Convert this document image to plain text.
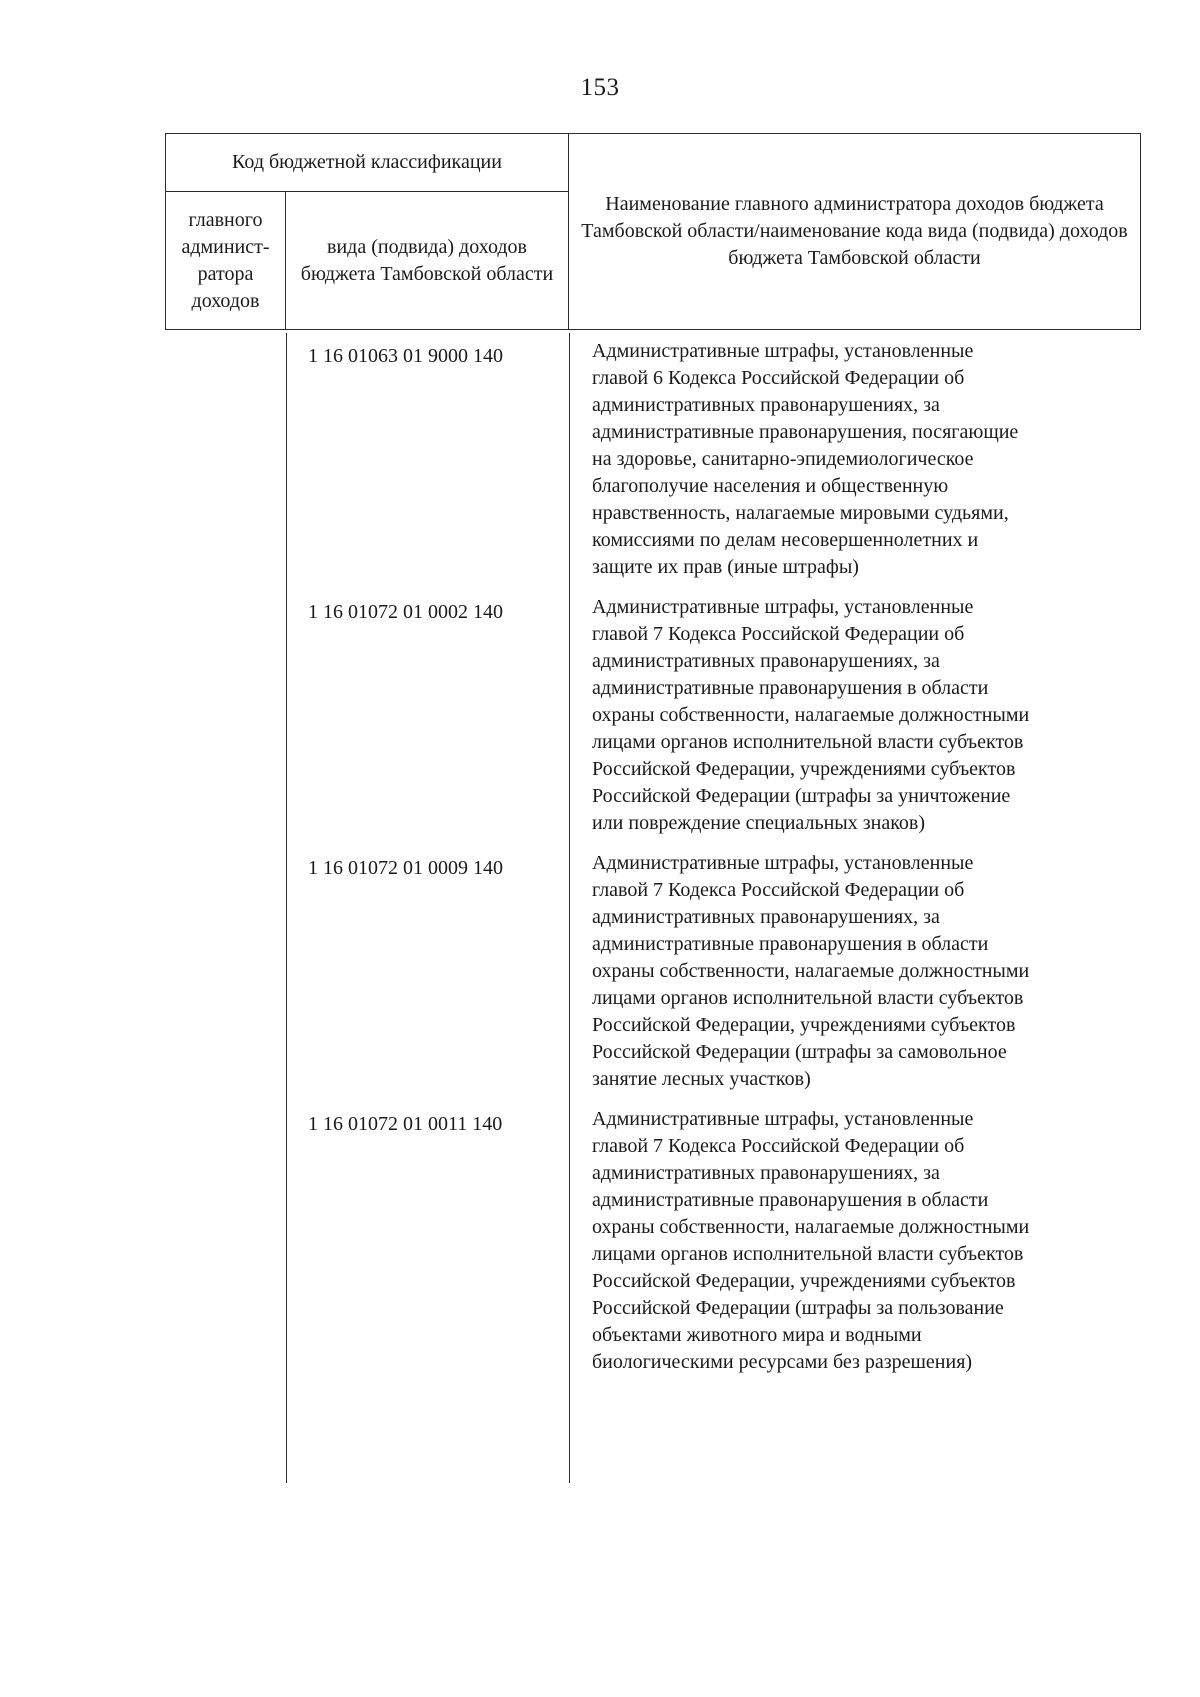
153
Код бюджетной классификации		Наименование главного администратора доходов бюджета Тамбовской области/наименование кода вида (подвида) доходов бюджета Тамбовской области
главного админист-ратора доходов	вида (подвида) доходов бюджета Тамбовской области	
1 16 01063 01 9000 140	Административные штрафы, установленные
главой 6 Кодекса Российской Федерации об
административных правонарушениях, за
административные правонарушения, посягающие
на здоровье, санитарно-эпидемиологическое
благополучие населения и общественную
нравственность, налагаемые мировыми судьями,
комиссиями по делам несовершеннолетних и
защите их прав (иные штрафы)
1 16 01072 01 0002 140	Административные штрафы, установленные
главой 7 Кодекса Российской Федерации об
административных правонарушениях, за
административные правонарушения в области
охраны собственности, налагаемые должностными
лицами органов исполнительной власти субъектов
Российской Федерации, учреждениями субъектов
Российской Федерации (штрафы за уничтожение
или повреждение специальных знаков)
1 16 01072 01 0009 140	Административные штрафы, установленные
главой 7 Кодекса Российской Федерации об
административных правонарушениях, за
административные правонарушения в области
охраны собственности, налагаемые должностными
лицами органов исполнительной власти субъектов
Российской Федерации, учреждениями субъектов
Российской Федерации (штрафы за самовольное
занятие лесных участков)
1 16 01072 01 0011 140	Административные штрафы, установленные
главой 7 Кодекса Российской Федерации об
административных правонарушениях, за
административные правонарушения в области
охраны собственности, налагаемые должностными
лицами органов исполнительной власти субъектов
Российской Федерации, учреждениями субъектов
Российской Федерации (штрафы за пользование
объектами животного мира и водными
биологическими ресурсами без разрешения)
